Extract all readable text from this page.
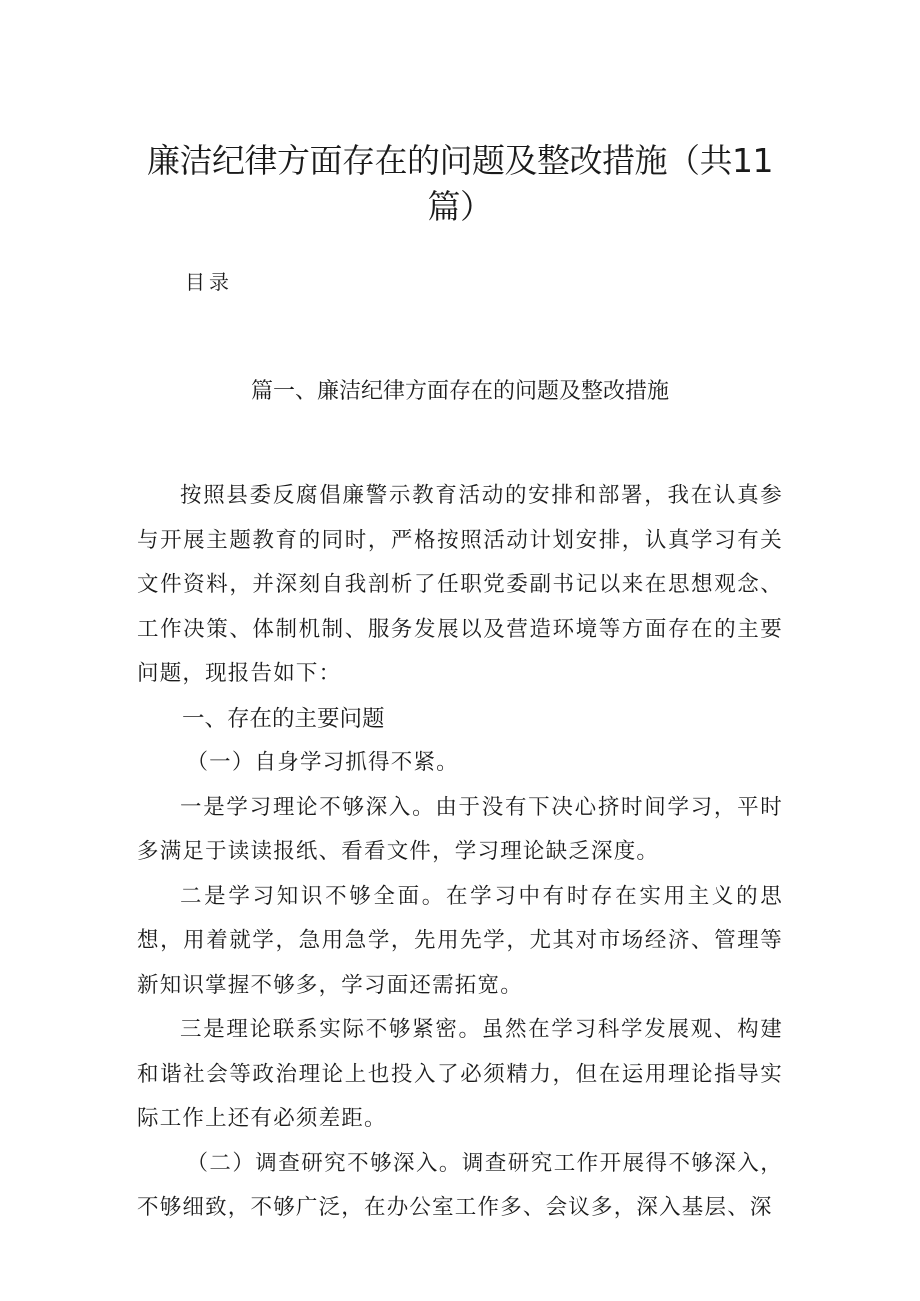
廉洁纪律方面存在的问题及整改措施（共11篇）
目录
篇一、廉洁纪律方面存在的问题及整改措施

按照县委反腐倡廉警示教育活动的安排和部署，我在认真参与开展主题教育的同时，严格按照活动计划安排，认真学习有关文件资料，并深刻自我剖析了任职党委副书记以来在思想观念、工作决策、体制机制、服务发展以及营造环境等方面存在的主要问题，现报告如下：

一、存在的主要问题

（一）自身学习抓得不紧。

一是学习理论不够深入。由于没有下决心挤时间学习，平时多满足于读读报纸、看看文件，学习理论缺乏深度。

二是学习知识不够全面。在学习中有时存在实用主义的思想，用着就学，急用急学，先用先学，尤其对市场经济、管理等新知识掌握不够多，学习面还需拓宽。

三是理论联系实际不够紧密。虽然在学习科学发展观、构建和谐社会等政治理论上也投入了必须精力，但在运用理论指导实际工作上还有必须差距。

（二）调查研究不够深入。调查研究工作开展得不够深入，不够细致，不够广泛，在办公室工作多、会议多，深入基层、深
